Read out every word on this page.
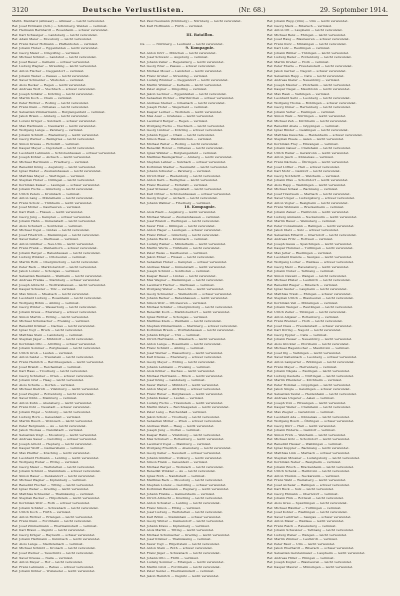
3120	Deutsche Verlustlisten.	(Nr. 68.)	29. September 1914.
Matth. Menhard (Altmaar) — Altmaar — Leicht verwundet.
Ref. Josef Erdmann (Sch.) — Schönberg, Weiden — vermisst.
Ref. Hermann Bernhardt — Rosenheim — schwer verwundet.
Ref. Karl Schweiger — Landsberg — leicht verwundet.
Ref. Adam Meier — Moosburg — leicht verwundet.
Ref. Franz Xaver Hofmann — Pfaffenhofen — vermisst.
Ref. Johann Huber — Eggenfelden — leicht verwundet.
Ref. Georg Maier — Dingolfing — vermisst.
Ref. Michael Schmid — Landshut — leicht verwundet.
Ref. Josef Bauer — Kelheim — schwer verwundet.
Ref. Ludwig Wagner — Straubing — leicht verwundet.
Ref. Anton Fischer — Deggendorf — vermisst.
Ref. Johann Weber — Passau — leicht verwundet.
Ref. Xaver Schneider — Vilshofen — vermisst.
Ref. Alois Becker — Regen — leicht verwundet.
Ref. Andreas Wolf — Viechtach — schwer verwundet.
Ref. Joseph Schäfer — Kötzting — leicht verwundet.
Ref. Martin Koch — Cham — vermisst.
Ref. Peter Richter — Roding — leicht verwundet.
Ref. Franz Klein — Nittenau — leicht verwundet.
Ref. Sebastian Zimmermann — Burglengenfeld — vermisst.
Ref. Jakob Braun — Amberg — leicht verwundet.
Ref. Lorenz Krüger — Sulzbach — schwer verwundet.
Ref. Max Hartmann — Neumarkt — leicht verwundet.
Ref. Wolfgang Lange — Parsberg — vermisst.
Ref. Johann Schmitt — Riedenburg — leicht verwundet.
Ref. Georg Werner — Beilngries — leicht verwundet.
Ref. Simon Krause — Eichstätt — vermisst.
Ref. Kaspar Meyer — Ingolstadt — leicht verwundet.
Ref. Leonhard Lehmann — Schrobenhausen — schwer verwundet.
Ref. Joseph Köhler — Aichach — leicht verwundet.
Ref. Michael Herrmann — Friedberg — vermisst.
Ref. Benedikt König — Augsburg — leicht verwundet.
Ref. Ignaz Walter — Zusmarshausen — leicht verwundet.
Ref. Matthias Mayer — Wertingen — vermisst.
Ref. Stephan Huber — Dillingen — leicht verwundet.
Ref. Korbinian Kaiser — Lauingen — schwer verwundet.
Ref. Johann Fuchs — Günzburg — leicht verwundet.
Ref. Ulrich Peters — Krumbach — vermisst.
Ref. Anton Lang — Mindelheim — leicht verwundet.
Ref. Franz Scholz — Türkheim — leicht verwundet.
Ref. Josef Möller — Kaufbeuren — vermisst.
Ref. Karl Weiß — Füssen — leicht verwundet.
Ref. Georg Jung — Kempten — schwer verwundet.
Ref. Johann Hahn — Immenstadt — leicht verwundet.
Ref. Alois Schubert — Sonthofen — vermisst.
Ref. Michael Vogel — Lindau — leicht verwundet.
Ref. Josef Friedrich — Memmingen — leicht verwundet.
Ref. Xaver Keller — Illertissen — vermisst.
Ref. Anton Günther — Neu-Ulm — leicht verwundet.
Ref. Franz Frank — Weißenhorn — schwer verwundet.
Ref. Johann Berger — Babenhausen — leicht verwundet.
Ref. Ludwig Winkler — Ottobeuren — vermisst.
Ref. Martin Roth — Obergünzburg — leicht verwundet.
Ref. Peter Beck — Marktoberdorf — leicht verwundet.
Ref. Jakob Lorenz — Schongau — vermisst.
Ref. Sebastian Baumann — Weilheim — leicht verwundet.
Ref. Andreas Franke — Starnberg — schwer verwundet.
Ref. Joseph Albrecht — Wolfratshausen — leicht verwundet.
Ref. Kaspar Schuster — Tölz — vermisst.
Ref. Max Simon — Miesbach — leicht verwundet.
Ref. Leonhard Ludwig — Rosenheim — leicht verwundet.
Ref. Wolfgang Böhm — Aibling — vermisst.
Ref. Georg Winter — Wasserburg — leicht verwundet.
Ref. Johann Kraus — Ebersberg — schwer verwundet.
Ref. Simon Martin — Erding — leicht verwundet.
Ref. Michael Schumacher — Freising — vermisst.
Ref. Benedikt Krämer — Dachau — leicht verwundet.
Ref. Ignaz Vogt — Bruck — leicht verwundet.
Ref. Matthias Stein — Landsberg — vermisst.
Ref. Stephan Jäger — Mühldorf — leicht verwundet.
Ref. Korbinian Otto — Altötting — schwer verwundet.
Ref. Johann Sommer — Burghausen — leicht verwundet.
Ref. Ulrich Groß — Laufen — vermisst.
Ref. Anton Seidel — Traunstein — leicht verwundet.
Ref. Franz Heinrich — Berchtesgaden — leicht verwundet.
Ref. Josef Brandt — Reichenhall — vermisst.
Ref. Karl Haas — Trostberg — leicht verwundet.
Ref. Georg Schreiber — Prien — schwer verwundet.
Ref. Johann Graf — Haag — leicht verwundet.
Ref. Alois Schulte — Dorfen — vermisst.
Ref. Michael Dietrich — Vilsbiburg — leicht verwundet.
Ref. Josef Ziegler — Rottenburg — leicht verwundet.
Ref. Xaver Kühn — Mainburg — vermisst.
Ref. Anton Kuhn — Abensberg — leicht verwundet.
Ref. Franz Pohl — Neustadt — schwer verwundet.
Ref. Johann Engel — Vohburg — leicht verwundet.
Ref. Ludwig Horn — Geisenfeld — vermisst.
Ref. Martin Busch — Wolnzach — leicht verwundet.
Ref. Peter Bergmann — Au — leicht verwundet.
Ref. Jakob Thomas — Nandlstadt — vermisst.
Ref. Sebastian Voigt — Moosburg — leicht verwundet.
Ref. Andreas Sauer — Gerolfing — schwer verwundet.
Ref. Joseph Arnold — Hepberg — leicht verwundet.
Ref. Kaspar Wolff — Gaimersheim — vermisst.
Ref. Max Pfeiffer — Kösching — leicht verwundet.
Ref. Leonhard Hofmann — Lenting — leicht verwundet.
Ref. Wolfgang Huber — Etting — vermisst.
Ref. Georg Maier — Wettstetten — leicht verwundet.
Ref. Johann Schmid — Stammham — schwer verwundet.
Ref. Simon Bauer — Denkendorf — leicht verwundet.
Ref. Michael Wagner — Kipfenberg — vermisst.
Ref. Benedikt Fischer — Titting — leicht verwundet.
Ref. Ignaz Weber — Greding — leicht verwundet.
Ref. Matthias Schneider — Thalmässing — vermisst.
Ref. Stephan Becker — Hilpoltstein — leicht verwundet.
Ref. Korbinian Wolf — Roth — schwer verwundet.
Ref. Johann Schäfer — Schwabach — leicht verwundet.
Ref. Ulrich Koch — Fürth — vermisst.
Ref. Anton Richter — Erlangen — leicht verwundet.
Ref. Franz Klein — Forchheim — leicht verwundet.
Ref. Josef Zimmermann — Ebermannstadt — vermisst.
Ref. Karl Braun — Pegnitz — leicht verwundet.
Ref. Georg Krüger — Bayreuth — schwer verwundet.
Ref. Johann Hartmann — Kulmbach — leicht verwundet.
Ref. Alois Lange — Stadtsteinach — vermisst.
Ref. Michael Schmitt — Kronach — leicht verwundet.
Ref. Josef Werner — Teuschnitz — leicht verwundet.
Ref. Xaver Krause — Naila — vermisst.
Ref. Anton Meyer — Hof — leicht verwundet.
Ref. Franz Lehmann — Rehau — schwer verwundet.
Ref. Johann Köhler — Wunsiedel — leicht verwundet.
Ref. Paul Neumann (Nürnberg) — Nürnberg — leicht verwundet.
Ref. Karl Hoffmann — Fürth — vermisst.
III. Bataillon.
Lts. ..... — Nürnberg — Leutnant — leicht verwundet.
9. Kompagnie.
Ref. Anton Dörr — München — leicht verwundet.
Ref. Josef Schwarz — Augsburg — vermisst.
Ref. Johann Zeller — Regensburg — leicht verwundet.
Ref. Georg Eder — Passau — schwer verwundet.
Ref. Michael Moser — Landshut — leicht verwundet.
Ref. Franz Gruber — Straubing — vermisst.
Ref. Ludwig Brunner — Deggendorf — leicht verwundet.
Ref. Martin Wimmer — Kelheim — leicht verwundet.
Ref. Peter Aigner — Dingolfing — vermisst.
Ref. Jakob Lechner — Eggenfelden — leicht verwundet.
Ref. Sebastian Pichler — Pfarrkirchen — schwer verwundet.
Ref. Andreas Steiner — Griesbach — leicht verwundet.
Ref. Joseph Hofer — Wegscheid — vermisst.
Ref. Kaspar Leitner — Wolfstein — leicht verwundet.
Ref. Max Auer — Grafenau — leicht verwundet.
Ref. Leonhard Berger — Regen — vermisst.
Ref. Wolfgang Fuchs — Viechtach — leicht verwundet.
Ref. Georg Lindner — Kötzting — schwer verwundet.
Ref. Johann Egger — Cham — leicht verwundet.
Ref. Simon Haas — Waldmünchen — vermisst.
Ref. Michael Reiter — Roding — leicht verwundet.
Ref. Benedikt Holzer — Nittenau — leicht verwundet.
Ref. Ignaz Winkler — Burglengenfeld — vermisst.
Ref. Matthias Baumgartner — Amberg — leicht verwundet.
Ref. Stephan Lehner — Sulzbach — schwer verwundet.
Ref. Korbinian Stadler — Neumarkt — leicht verwundet.
Ref. Johann Schuster — Parsberg — vermisst.
Ref. Ulrich Mair — Riedenburg — leicht verwundet.
Ref. Anton Kern — Beilngries — leicht verwundet.
Ref. Franz Huemer — Eichstätt — vermisst.
Ref. Josef Strasser — Ingolstadt — leicht verwundet.
Ref. Karl Ortner — Schrobenhausen — schwer verwundet.
Ref. Georg Kogler — Aichach — leicht verwundet.
Ref. Johann Wallner — Friedberg — vermisst.
10. Kompagnie.
Ref. Alois Riedl — Augsburg — leicht verwundet.
Ref. Michael Wieser — Zusmarshausen — vermisst.
Ref. Josef Brandl — Wertingen — leicht verwundet.
Ref. Xaver Fink — Dillingen — leicht verwundet.
Ref. Anton Hager — Lauingen — schwer verwundet.
Ref. Franz Pirker — Günzburg — leicht verwundet.
Ref. Johann Hackl — Krumbach — vermisst.
Ref. Ludwig Rainer — Mindelheim — leicht verwundet.
Ref. Martin Wurm — Türkheim — leicht verwundet.
Ref. Peter Weiss — Kaufbeuren — vermisst.
Ref. Jakob Ebner — Füssen — leicht verwundet.
Ref. Sebastian Huber — Kempten — schwer verwundet.
Ref. Andreas Maier — Immenstadt — leicht verwundet.
Ref. Joseph Schmid — Sonthofen — vermisst.
Ref. Kaspar Bauer — Lindau — leicht verwundet.
Ref. Max Wagner — Memmingen — leicht verwundet.
Ref. Leonhard Fischer — Illertissen — vermisst.
Ref. Wolfgang Weber — Neu-Ulm — leicht verwundet.
Ref. Georg Schneider — Weißenhorn — schwer verwundet.
Ref. Johann Becker — Babenhausen — leicht verwundet.
Ref. Simon Wolf — Ottobeuren — vermisst.
Ref. Michael Schäfer — Obergünzburg — leicht verwundet.
Ref. Benedikt Koch — Marktoberdorf — leicht verwundet.
Ref. Ignaz Richter — Schongau — vermisst.
Ref. Matthias Klein — Weilheim — leicht verwundet.
Ref. Stephan Zimmermann — Starnberg — schwer verwundet.
Ref. Korbinian Braun — Wolfratshausen — leicht verwundet.
Ref. Johann Krüger — Tölz — vermisst.
Ref. Ulrich Hartmann — Miesbach — leicht verwundet.
Ref. Anton Lange — Rosenheim — leicht verwundet.
Ref. Franz Schmitt — Aibling — vermisst.
Ref. Josef Werner — Wasserburg — leicht verwundet.
Ref. Karl Krause — Ebersberg — schwer verwundet.
Ref. Georg Meyer — Erding — leicht verwundet.
Ref. Johann Lehmann — Freising — vermisst.
Ref. Alois Köhler — Dachau — leicht verwundet.
Ref. Michael Herrmann — Bruck — leicht verwundet.
Ref. Josef König — Landsberg — vermisst.
Ref. Xaver Walter — Mühldorf — leicht verwundet.
Ref. Anton Mayer — Altötting — schwer verwundet.
Ref. Franz Huber — Burghausen — leicht verwundet.
Ref. Johann Kaiser — Laufen — vermisst.
Ref. Ludwig Fuchs — Traunstein — leicht verwundet.
Ref. Martin Peters — Berchtesgaden — leicht verwundet.
Ref. Peter Lang — Reichenhall — vermisst.
Ref. Jakob Scholz — Trostberg — leicht verwundet.
Ref. Sebastian Möller — Prien — schwer verwundet.
Ref. Andreas Weiß — Haag — leicht verwundet.
Ref. Joseph Jung — Dorfen — vermisst.
Ref. Kaspar Hahn — Vilsbiburg — leicht verwundet.
Ref. Max Schubert — Rottenburg — leicht verwundet.
Ref. Leonhard Vogel — Mainburg — vermisst.
Ref. Wolfgang Friedrich — Abensberg — leicht verwundet.
Ref. Georg Keller — Neustadt — schwer verwundet.
Ref. Johann Günther — Vohburg — leicht verwundet.
Ref. Simon Frank — Geisenfeld — vermisst.
Ref. Michael Berger — Wolnzach — leicht verwundet.
Ref. Benedikt Winkler — Au — leicht verwundet.
Ref. Ignaz Roth — Nandlstadt — vermisst.
Ref. Matthias Beck — Moosburg — leicht verwundet.
Ref. Stephan Lorenz — Gerolfing — schwer verwundet.
Ref. Korbinian Baumann — Hepberg — leicht verwundet.
Ref. Johann Franke — Gaimersheim — vermisst.
Ref. Ulrich Albrecht — Kösching — leicht verwundet.
Ref. Anton Schuster — Lenting — leicht verwundet.
Ref. Franz Simon — Etting — vermisst.
Ref. Josef Ludwig — Wettstetten — leicht verwundet.
Ref. Karl Böhm — Stammham — schwer verwundet.
Ref. Georg Winter — Denkendorf — leicht verwundet.
Ref. Johann Kraus — Kipfenberg — vermisst.
Ref. Alois Martin — Titting — leicht verwundet.
Ref. Michael Schumacher — Greding — leicht verwundet.
Ref. Josef Krämer — Thalmässing — vermisst.
Ref. Xaver Vogt — Hilpoltstein — leicht verwundet.
Ref. Anton Stein — Roth — schwer verwundet.
Ref. Franz Jäger — Schwabach — leicht verwundet.
Ref. Johann Otto — Fürth — vermisst.
Ref. Ludwig Sommer — Erlangen — leicht verwundet.
Ref. Martin Groß — Forchheim — leicht verwundet.
Ref. Peter Seidel — Ebermannstadt — vermisst.
Ref. Jakob Heinrich — Pegnitz — leicht verwundet.
Ref. Johann Rupp (Ulm) — Ulm — leicht verwundet.
Ref. Georg Mack — Biberach — vermisst.
Ref. Anton Ott — Laupheim — leicht verwundet.
Ref. Michael Benz — Ehingen — leicht verwundet.
Ref. Josef Haug — Blaubeuren — schwer verwundet.
Ref. Franz Kurz — Münsingen — leicht verwundet.
Ref. Karl Lutz — Reutlingen — vermisst.
Ref. Johann Bühler — Tübingen — leicht verwundet.
Ref. Ludwig Bader — Rottenburg — leicht verwundet.
Ref. Martin Dreher — Horb — vermisst.
Ref. Peter Eberle — Freudenstadt — leicht verwundet.
Ref. Jakob Gerber — Nagold — schwer verwundet.
Ref. Sebastian Hepp — Calw — leicht verwundet.
Ref. Andreas Kiefer — Neuenbürg — vermisst.
Ref. Joseph Maurer — Pforzheim — leicht verwundet.
Ref. Kaspar Nagel — Maulbronn — leicht verwundet.
Ref. Max Raab — Vaihingen — vermisst.
Ref. Leonhard Seitz — Leonberg — leicht verwundet.
Ref. Wolfgang Thoma — Böblingen — schwer verwundet.
Ref. Georg Ulmer — Herrenberg — leicht verwundet.
Ref. Johann Vetter — Esslingen — vermisst.
Ref. Simon Walz — Nürtingen — leicht verwundet.
Ref. Michael Zeh — Kirchheim — leicht verwundet.
Ref. Benedikt Abele — Göppingen — vermisst.
Ref. Ignaz Binder — Geislingen — leicht verwundet.
Ref. Matthias Deuschle — Heidenheim — schwer verwundet.
Ref. Stephan Eisele — Aalen — leicht verwundet.
Ref. Korbinian Frey — Ellwangen — vermisst.
Ref. Johann Gaiser — Crailsheim — leicht verwundet.
Ref. Ulrich Heller — Gerabronn — leicht verwundet.
Ref. Anton Jauch — Künzelsau — vermisst.
Ref. Franz Kächele — Öhringen — leicht verwundet.
Ref. Josef Löffler — Hall — schwer verwundet.
Ref. Karl Mohr — Gaildorf — leicht verwundet.
Ref. Georg Nothdurft — Welzheim — vermisst.
Ref. Johann Pfau — Schorndorf — leicht verwundet.
Ref. Alois Rapp — Waiblingen — leicht verwundet.
Ref. Michael Schaal — Backnang — vermisst.
Ref. Josef Trautwein — Marbach — leicht verwundet.
Ref. Xaver Unger — Ludwigsburg — schwer verwundet.
Ref. Anton Vogler — Besigheim — leicht verwundet.
Ref. Franz Widmann — Brackenheim — vermisst.
Ref. Johann Zaiser — Heilbronn — leicht verwundet.
Ref. Ludwig Ammann — Neckarsulm — leicht verwundet.
Ref. Martin Bauer — Weinsberg — vermisst.
Ref. Peter Conzelmann — Balingen — leicht verwundet.
Ref. Jakob Dietz — Sulz — schwer verwundet.
Ref. Sebastian Erhardt — Oberndorf — leicht verwundet.
Ref. Andreas Fritz — Rottweil — vermisst.
Ref. Joseph Gauss — Spaichingen — leicht verwundet.
Ref. Kaspar Hummel — Tuttlingen — leicht verwundet.
Ref. Max Jetter — Riedlingen — vermisst.
Ref. Leonhard Kienzle — Saulgau — leicht verwundet.
Ref. Wolfgang Locher — Waldsee — schwer verwundet.
Ref. Georg Merz — Ravensburg — leicht verwundet.
Ref. Johann Nuber — Tettnang — vermisst.
Ref. Simon Oswald — Wangen — leicht verwundet.
Ref. Michael Pfister — Leutkirch — leicht verwundet.
Ref. Benedikt Rieger — Biberach — vermisst.
Ref. Ignaz Sauter — Laupheim — leicht verwundet.
Ref. Matthias Traub — Ehingen — schwer verwundet.
Ref. Stephan Ulrich — Blaubeuren — leicht verwundet.
Ref. Korbinian Veil — Münsingen — vermisst.
Ref. Johann Wenger — Reutlingen — leicht verwundet.
Ref. Ulrich Zeller — Tübingen — leicht verwundet.
Ref. Anton Allgaier — Rottenburg — vermisst.
Ref. Franz Brenner — Horb — leicht verwundet.
Ref. Josef Class — Freudenstadt — schwer verwundet.
Ref. Karl Döring — Nagold — leicht verwundet.
Ref. Georg Eppler — Calw — vermisst.
Ref. Johann Fauser — Neuenbürg — leicht verwundet.
Ref. Alois Glöckler — Pforzheim — leicht verwundet.
Ref. Michael Hagenlocher — Maulbronn — vermisst.
Ref. Josef Illg — Vaihingen — leicht verwundet.
Ref. Xaver Kaltenbach — Leonberg — schwer verwundet.
Ref. Anton Lamparter — Böblingen — leicht verwundet.
Ref. Franz Mayer — Herrenberg — vermisst.
Ref. Johann Nägele — Esslingen — leicht verwundet.
Ref. Ludwig Oesterle — Nürtingen — leicht verwundet.
Ref. Martin Pfleiderer — Kirchheim — vermisst.
Ref. Peter Rommel — Göppingen — leicht verwundet.
Ref. Jakob Single — Geislingen — schwer verwundet.
Ref. Sebastian Teufel — Heidenheim — leicht verwundet.
Ref. Andreas Ungerer — Aalen — vermisst.
Ref. Joseph Volz — Ellwangen — leicht verwundet.
Ref. Kaspar Weiler — Crailsheim — leicht verwundet.
Ref. Max Ziegler — Gerabronn — vermisst.
Ref. Leonhard Ade — Künzelsau — leicht verwundet.
Ref. Wolfgang Bosch — Öhringen — schwer verwundet.
Ref. Georg Dürr — Hall — leicht verwundet.
Ref. Johann Enderle — Gaildorf — vermisst.
Ref. Simon Frick — Welzheim — leicht verwundet.
Ref. Michael Götz — Schorndorf — leicht verwundet.
Ref. Benedikt Hauser — Waiblingen — vermisst.
Ref. Ignaz Kuppler — Backnang — leicht verwundet.
Ref. Matthias Link — Marbach — schwer verwundet.
Ref. Stephan Mössner — Ludwigsburg — leicht verwundet.
Ref. Korbinian Neher — Besigheim — vermisst.
Ref. Johann Rösch — Brackenheim — leicht verwundet.
Ref. Ulrich Schenk — Heilbronn — leicht verwundet.
Ref. Anton Thumm — Neckarsulm — vermisst.
Ref. Franz Wahl — Weinsberg — leicht verwundet.
Ref. Josef Aicheler — Balingen — schwer verwundet.
Ref. Karl Buck — Sulz — leicht verwundet.
Ref. Georg Ehmann — Oberndorf — vermisst.
Ref. Johann Fink — Rottweil — leicht verwundet.
Ref. Alois Grau — Spaichingen — leicht verwundet.
Ref. Michael Häußler — Tuttlingen — vermisst.
Ref. Josef Kohler — Riedlingen — leicht verwundet.
Ref. Xaver Leibfried — Saulgau — schwer verwundet.
Ref. Anton Maier — Waldsee — leicht verwundet.
Ref. Franz Reich — Ravensburg — vermisst.
Ref. Johann Schweizer — Tettnang — leicht verwundet.
Ref. Ludwig Weber — Wangen — leicht verwundet.
Ref. Martin Zimmer — Leutkirch — vermisst.
Ref. Peter Baur — Ulm — leicht verwundet.
Ref. Jakob Eberhardt — Biberach — schwer verwundet.
Ref. Sebastian Gerstenmaier — Laupheim — leicht verwundet.
Ref. Andreas Hiller — Ehingen — vermisst.
Ref. Joseph Kugler — Blaubeuren — leicht verwundet.
Ref. Kaspar Maurer — Münsingen — leicht verwundet.
